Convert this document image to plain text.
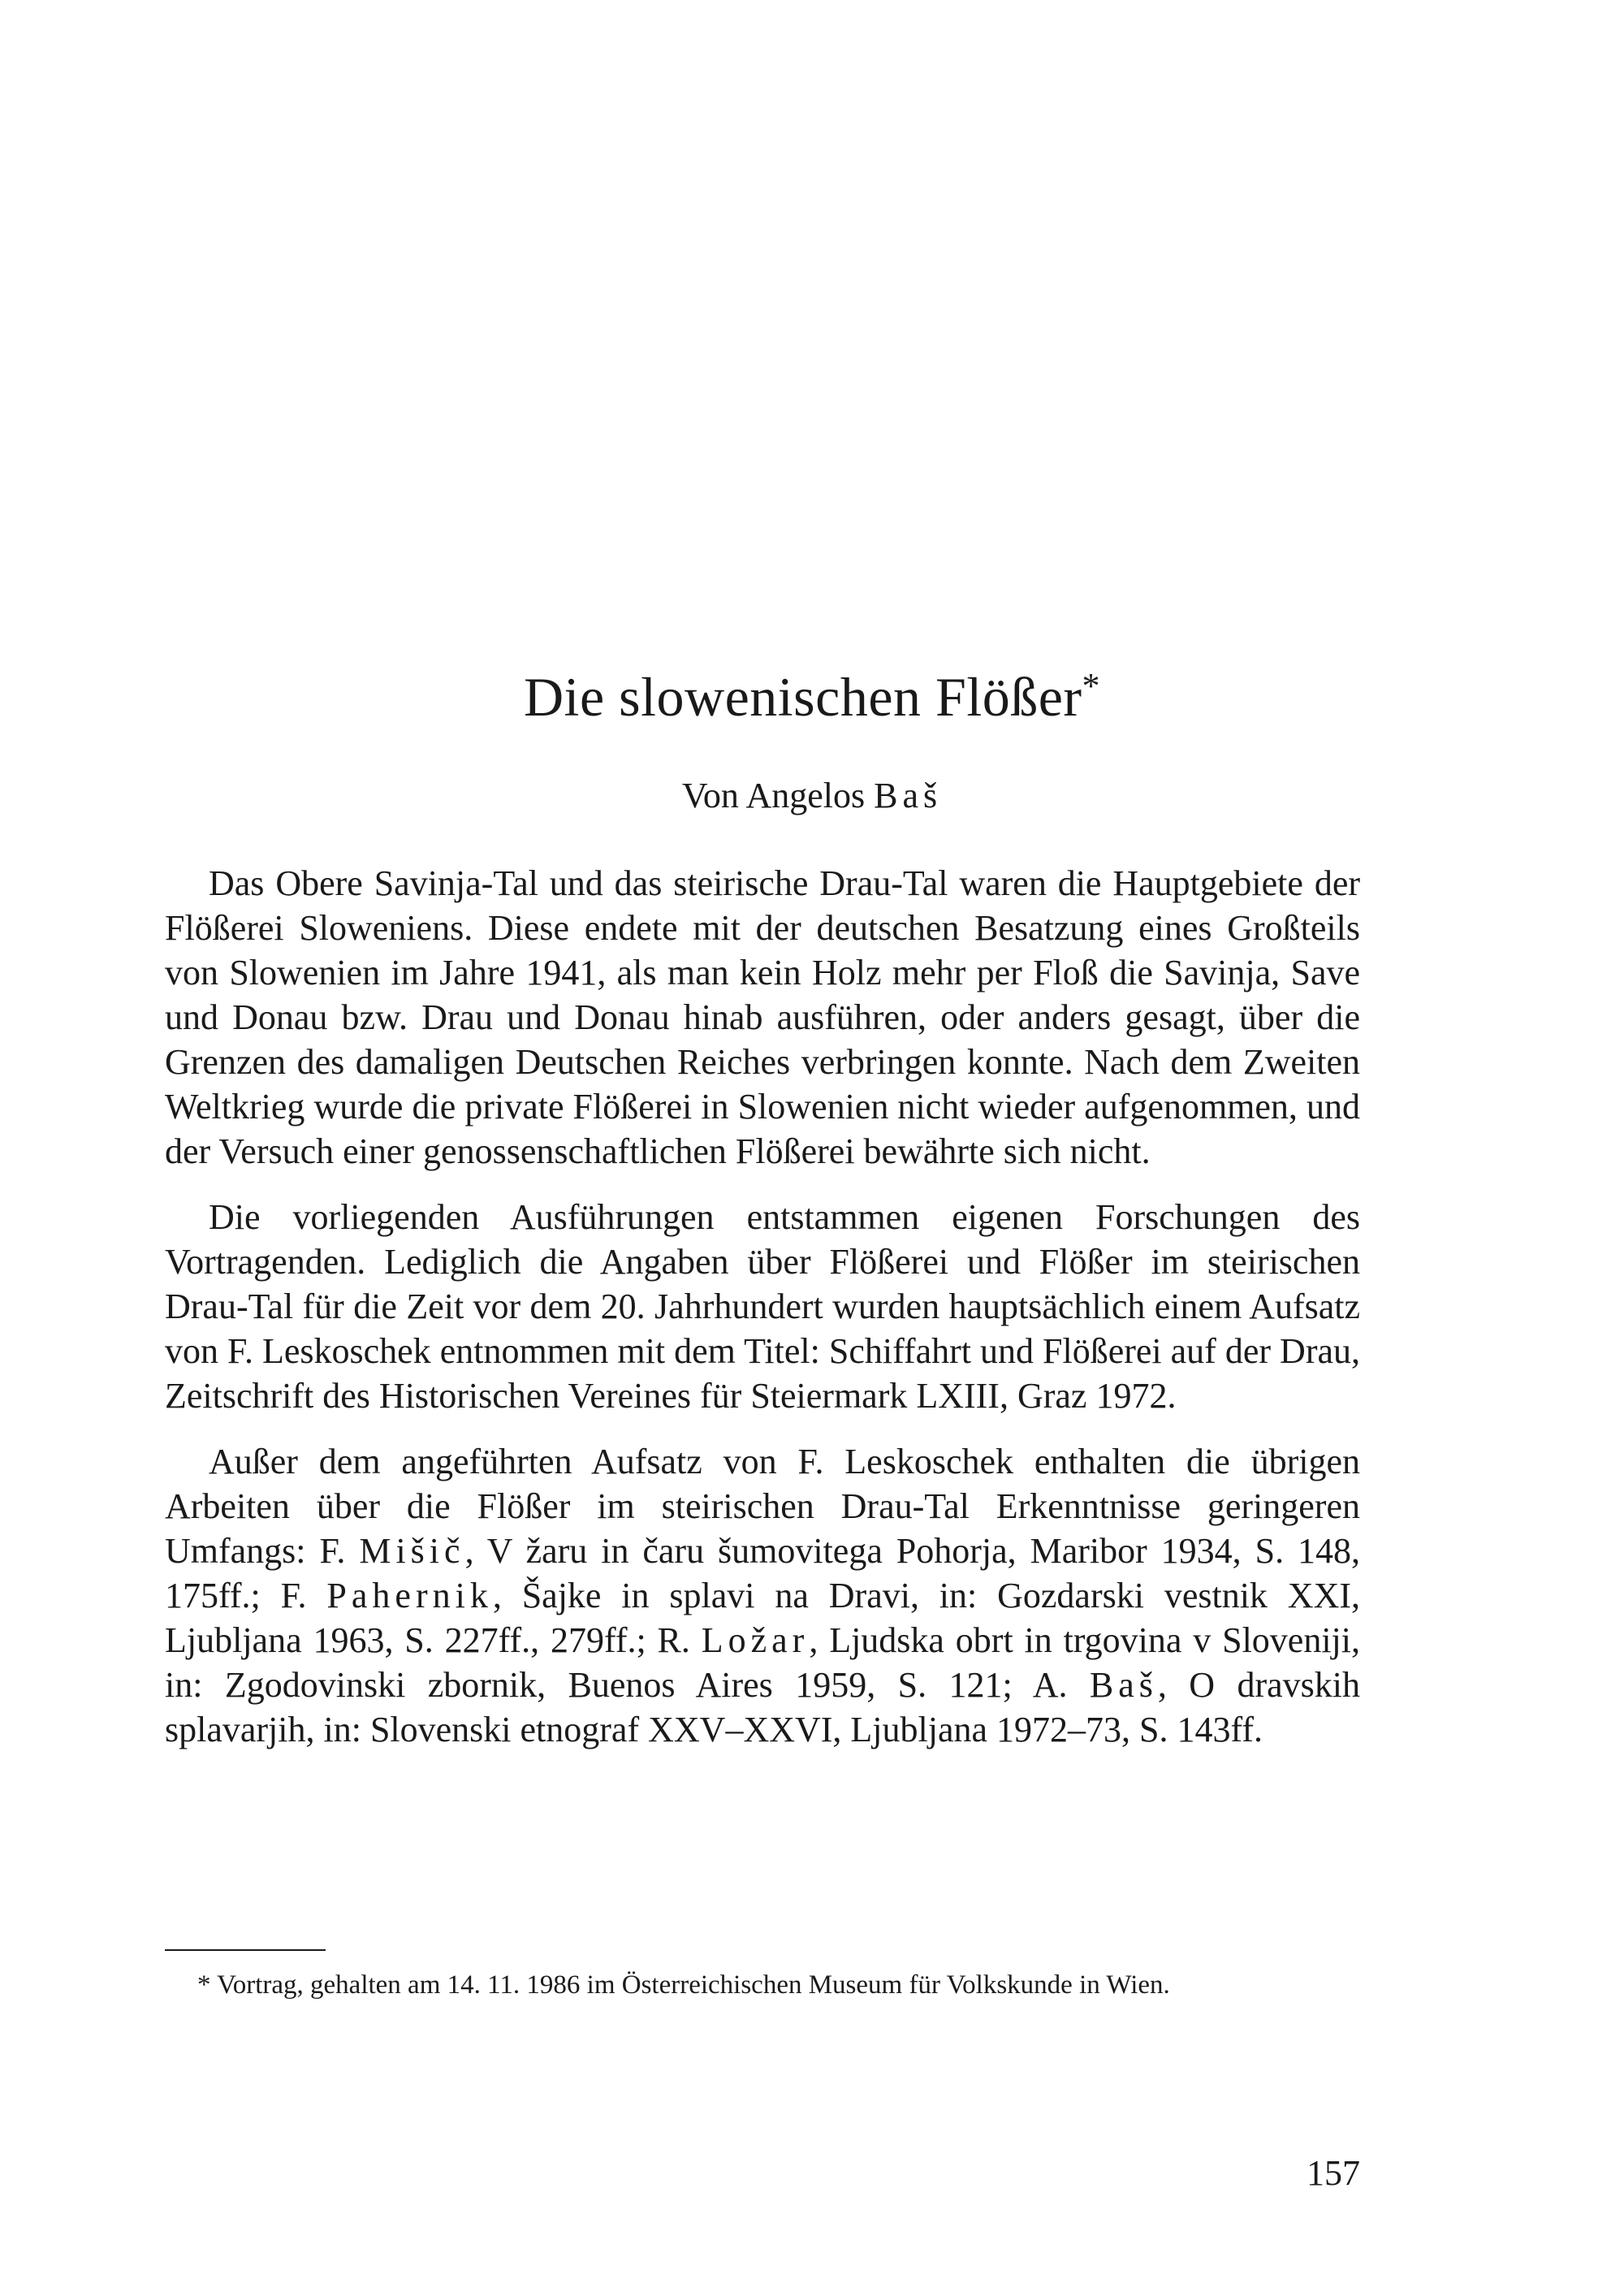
Die slowenischen Flößer*

Von Angelos Baš

Das Obere Savinja-Tal und das steirische Drau-Tal waren die Hauptgebiete der Flößerei Sloweniens. Diese endete mit der deutschen Besatzung eines Großteils von Slowenien im Jahre 1941, als man kein Holz mehr per Floß die Savinja, Save und Donau bzw. Drau und Donau hinab ausführen, oder anders gesagt, über die Grenzen des damaligen Deutschen Reiches verbringen konnte. Nach dem Zweiten Weltkrieg wurde die private Flößerei in Slowenien nicht wieder aufgenommen, und der Versuch einer genossenschaftlichen Flößerei bewährte sich nicht.

Die vorliegenden Ausführungen entstammen eigenen Forschungen des Vortragenden. Lediglich die Angaben über Flößerei und Flößer im steirischen Drau-Tal für die Zeit vor dem 20. Jahrhundert wurden hauptsächlich einem Aufsatz von F. Leskoschek entnommen mit dem Titel: Schiffahrt und Flößerei auf der Drau, Zeitschrift des Historischen Vereines für Steiermark LXIII, Graz 1972.

Außer dem angeführten Aufsatz von F. Leskoschek enthalten die übrigen Arbeiten über die Flößer im steirischen Drau-Tal Erkenntnisse geringeren Umfangs: F. Mišič, V žaru in čaru šumovitega Pohorja, Maribor 1934, S. 148, 175ff.; F. Pahernik, Šajke in splavi na Dravi, in: Gozdarski vestnik XXI, Ljubljana 1963, S. 227ff., 279ff.; R. Ložar, Ljudska obrt in trgovina v Sloveniji, in: Zgodovinski zbornik, Buenos Aires 1959, S. 121; A. Baš, O dravskih splavarjih, in: Slovenski etnograf XXV–XXVI, Ljubljana 1972–73, S. 143ff.

* Vortrag, gehalten am 14. 11. 1986 im Österreichischen Museum für Volkskunde in Wien.

157
